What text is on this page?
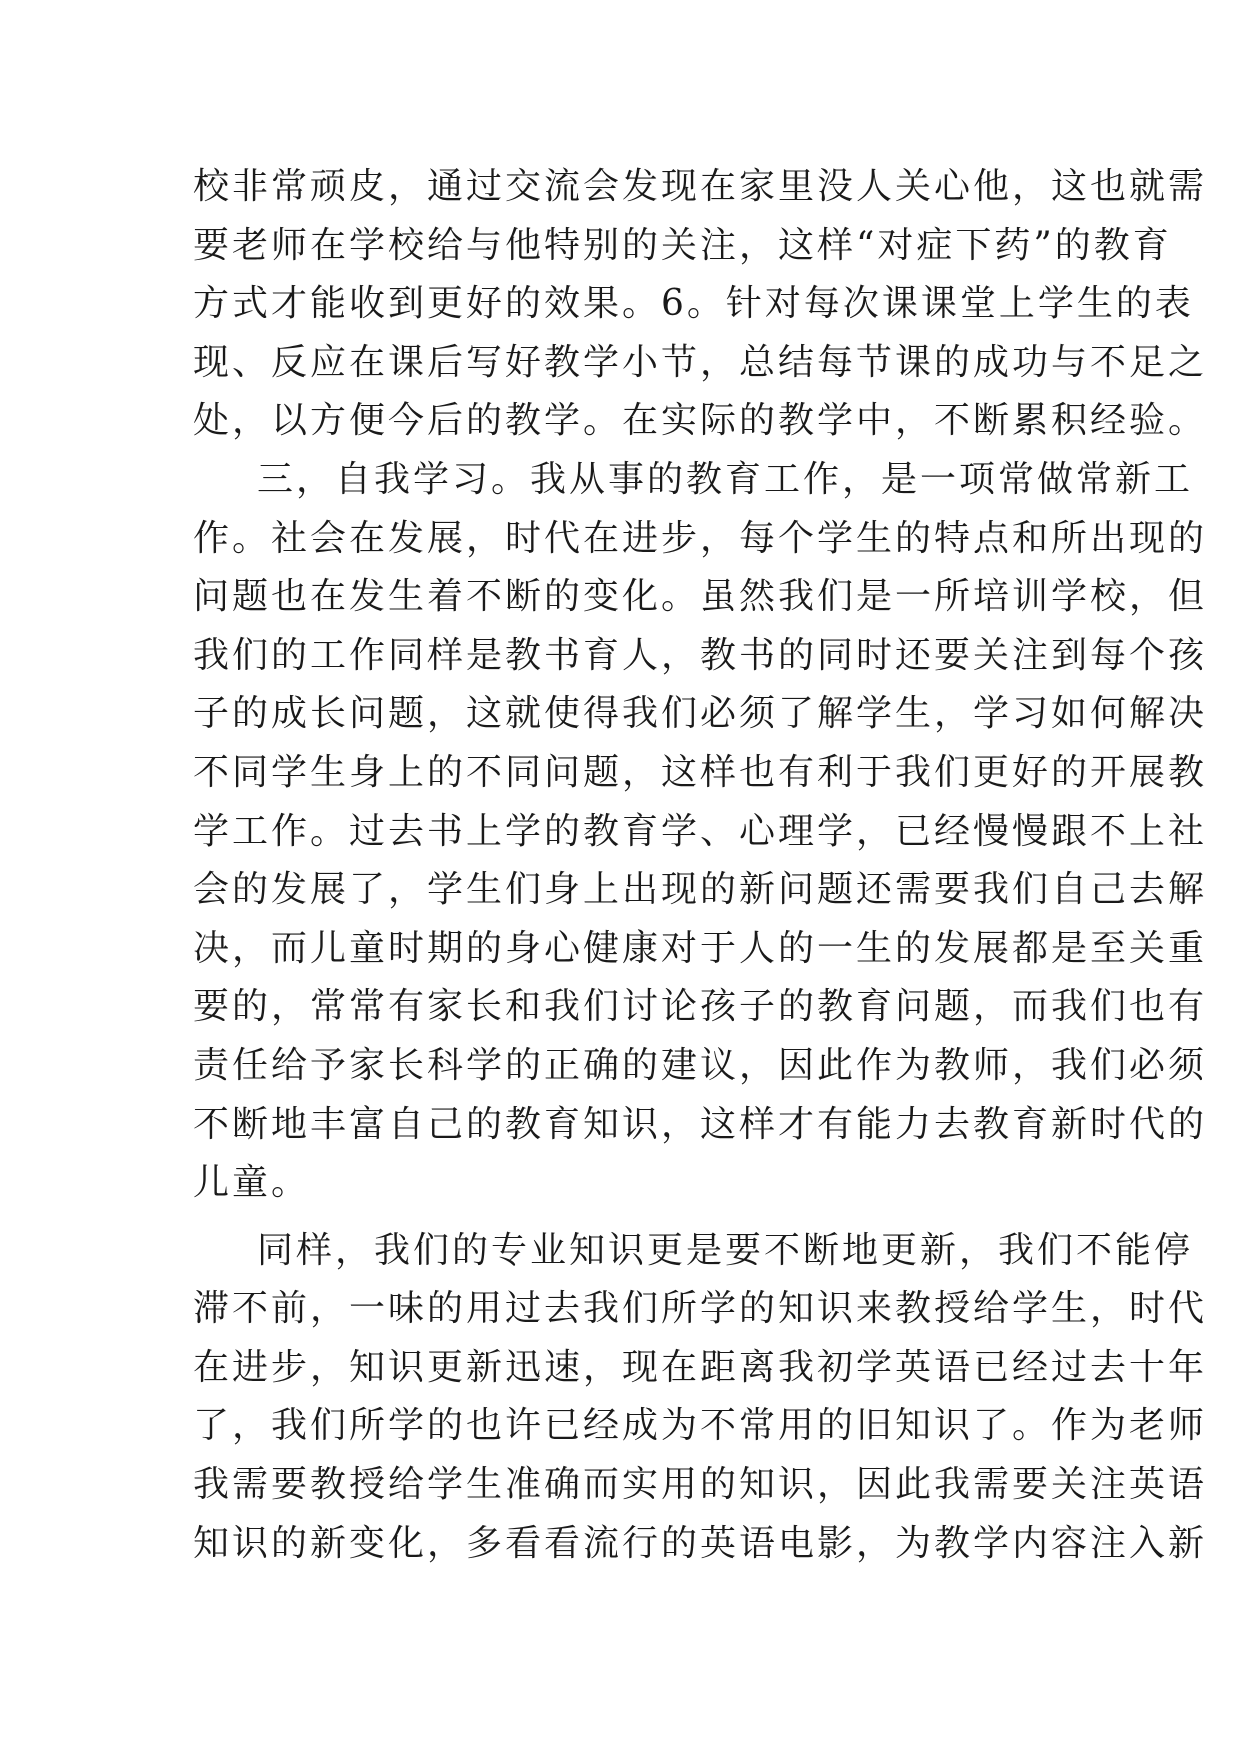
校非常顽皮，通过交流会发现在家里没人关心他，这也就需
要老师在学校给与他特别的关注，这样“对症下药”的教育
方式才能收到更好的效果。6。针对每次课课堂上学生的表
现、反应在课后写好教学小节，总结每节课的成功与不足之
处，以方便今后的教学。在实际的教学中，不断累积经验。
三，自我学习。我从事的教育工作，是一项常做常新工
作。社会在发展，时代在进步，每个学生的特点和所出现的
问题也在发生着不断的变化。虽然我们是一所培训学校，但
我们的工作同样是教书育人，教书的同时还要关注到每个孩
子的成长问题，这就使得我们必须了解学生，学习如何解决
不同学生身上的不同问题，这样也有利于我们更好的开展教
学工作。过去书上学的教育学、心理学，已经慢慢跟不上社
会的发展了，学生们身上出现的新问题还需要我们自己去解
决，而儿童时期的身心健康对于人的一生的发展都是至关重
要的，常常有家长和我们讨论孩子的教育问题，而我们也有
责任给予家长科学的正确的建议，因此作为教师，我们必须
不断地丰富自己的教育知识，这样才有能力去教育新时代的
儿童。
同样，我们的专业知识更是要不断地更新，我们不能停
滞不前，一味的用过去我们所学的知识来教授给学生，时代
在进步，知识更新迅速，现在距离我初学英语已经过去十年
了，我们所学的也许已经成为不常用的旧知识了。作为老师
我需要教授给学生准确而实用的知识，因此我需要关注英语
知识的新变化，多看看流行的英语电影，为教学内容注入新
